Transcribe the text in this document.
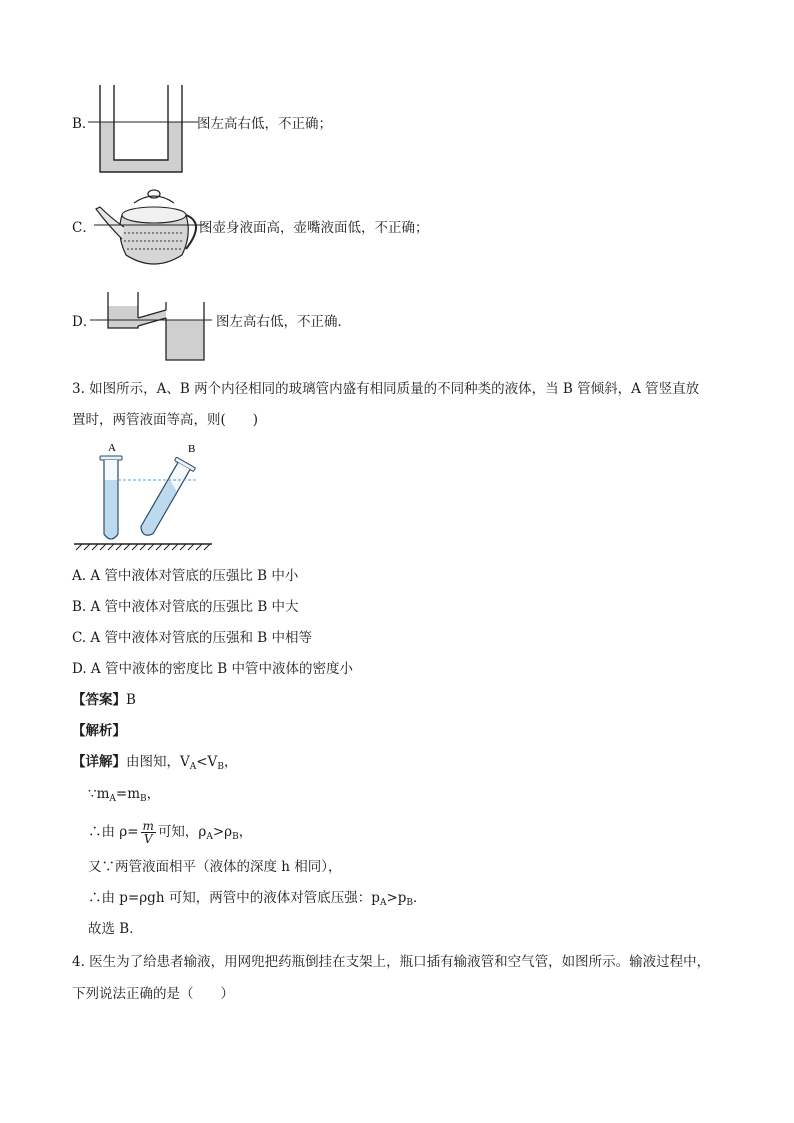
B．	图左高右低，不正确；
C．	图壶身液面高，壶嘴液面低，不正确；
D．	图左高右低，不正确．
3. 如图所示，A、B 两个内径相同的玻璃管内盛有相同质量的不同种类的液体，当 B 管倾斜，A 管竖直放
置时，两管液面等高，则(　　)
A	B
A. A 管中液体对管底的压强比 B 中小
B. A 管中液体对管底的压强比 B 中大
C. A 管中液体对管底的压强和 B 中相等
D. A 管中液体的密度比 B 中管中液体的密度小
【答案】B
【解析】
【详解】由图知，$V_A<V_B$，
$\because m_A=m_B$，
∴由 $\rho= \frac{m}{V}$ 可知，$\rho_A>\rho_B$，
又∵两管液面相平（液体的深度 h 相同），
∴由 p=ρgh 可知，两管中的液体对管底压强：$p_A>p_B$．
故选 B．
4. 医生为了给患者输液，用网兜把药瓶倒挂在支架上，瓶口插有输液管和空气管，如图所示。输液过程中，
下列说法正确的是（　　）
